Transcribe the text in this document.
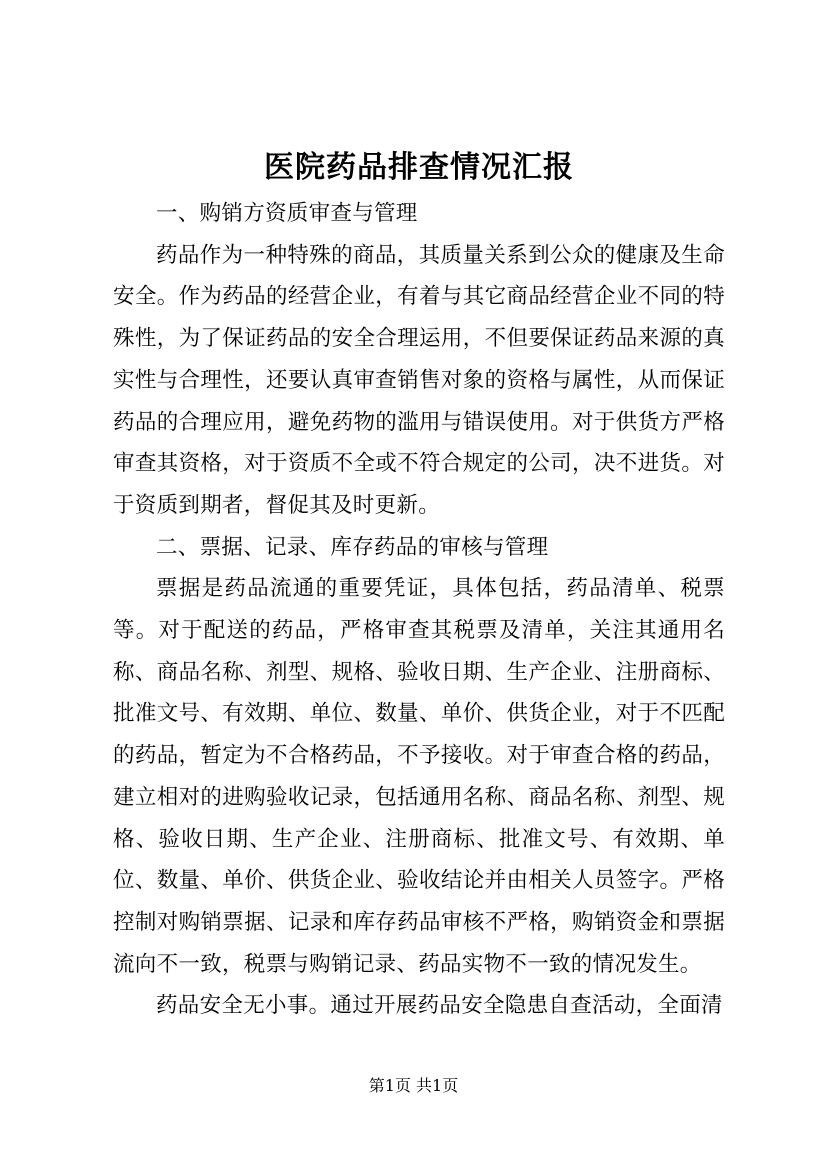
医院药品排查情况汇报

一、购销方资质审查与管理

药品作为一种特殊的商品，其质量关系到公众的健康及生命安全。作为药品的经营企业，有着与其它商品经营企业不同的特殊性，为了保证药品的安全合理运用，不但要保证药品来源的真实性与合理性，还要认真审查销售对象的资格与属性，从而保证药品的合理应用，避免药物的滥用与错误使用。对于供货方严格审查其资格，对于资质不全或不符合规定的公司，决不进货。对于资质到期者，督促其及时更新。

二、票据、记录、库存药品的审核与管理

票据是药品流通的重要凭证，具体包括，药品清单、税票等。对于配送的药品，严格审查其税票及清单，关注其通用名称、商品名称、剂型、规格、验收日期、生产企业、注册商标、批准文号、有效期、单位、数量、单价、供货企业，对于不匹配的药品，暂定为不合格药品，不予接收。对于审查合格的药品，建立相对的进购验收记录，包括通用名称、商品名称、剂型、规格、验收日期、生产企业、注册商标、批准文号、有效期、单位、数量、单价、供货企业、验收结论并由相关人员签字。严格控制对购销票据、记录和库存药品审核不严格，购销资金和票据流向不一致，税票与购销记录、药品实物不一致的情况发生。

药品安全无小事。通过开展药品安全隐患自查活动，全面清

第1页 共1页
